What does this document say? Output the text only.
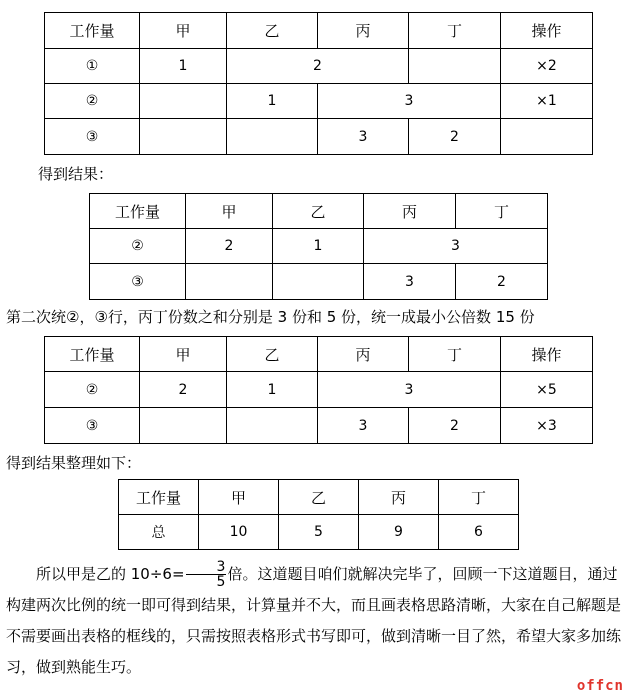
工作量	甲	乙	丙	丁	操作
①	1	2			×2
②		1	3		×1
③			3	2	
得到结果：
工作量	甲	乙	丙	丁
②	2	1	3	
③			3	2
第二次统②，③行，丙丁份数之和分别是 3 份和 5 份，统一成最小公倍数 15 份
工作量	甲	乙	丙	丁	操作
②	2	1	3		×5
③			3	2	×3
得到结果整理如下：
工作量	甲	乙	丙	丁
总	10	5	9	6
所以甲是乙的 $10\div 6= \frac{3}{5}$ 倍。这道题目咱们就解决完毕了，回顾一下这道题目，通过构建两次比例的统一即可得到结果，计算量并不大，而且画表格思路清晰，大家在自己解题是不需要画出表格的框线的，只需按照表格形式书写即可，做到清晰一目了然，希望大家多加练习，做到熟能生巧。
offcn
